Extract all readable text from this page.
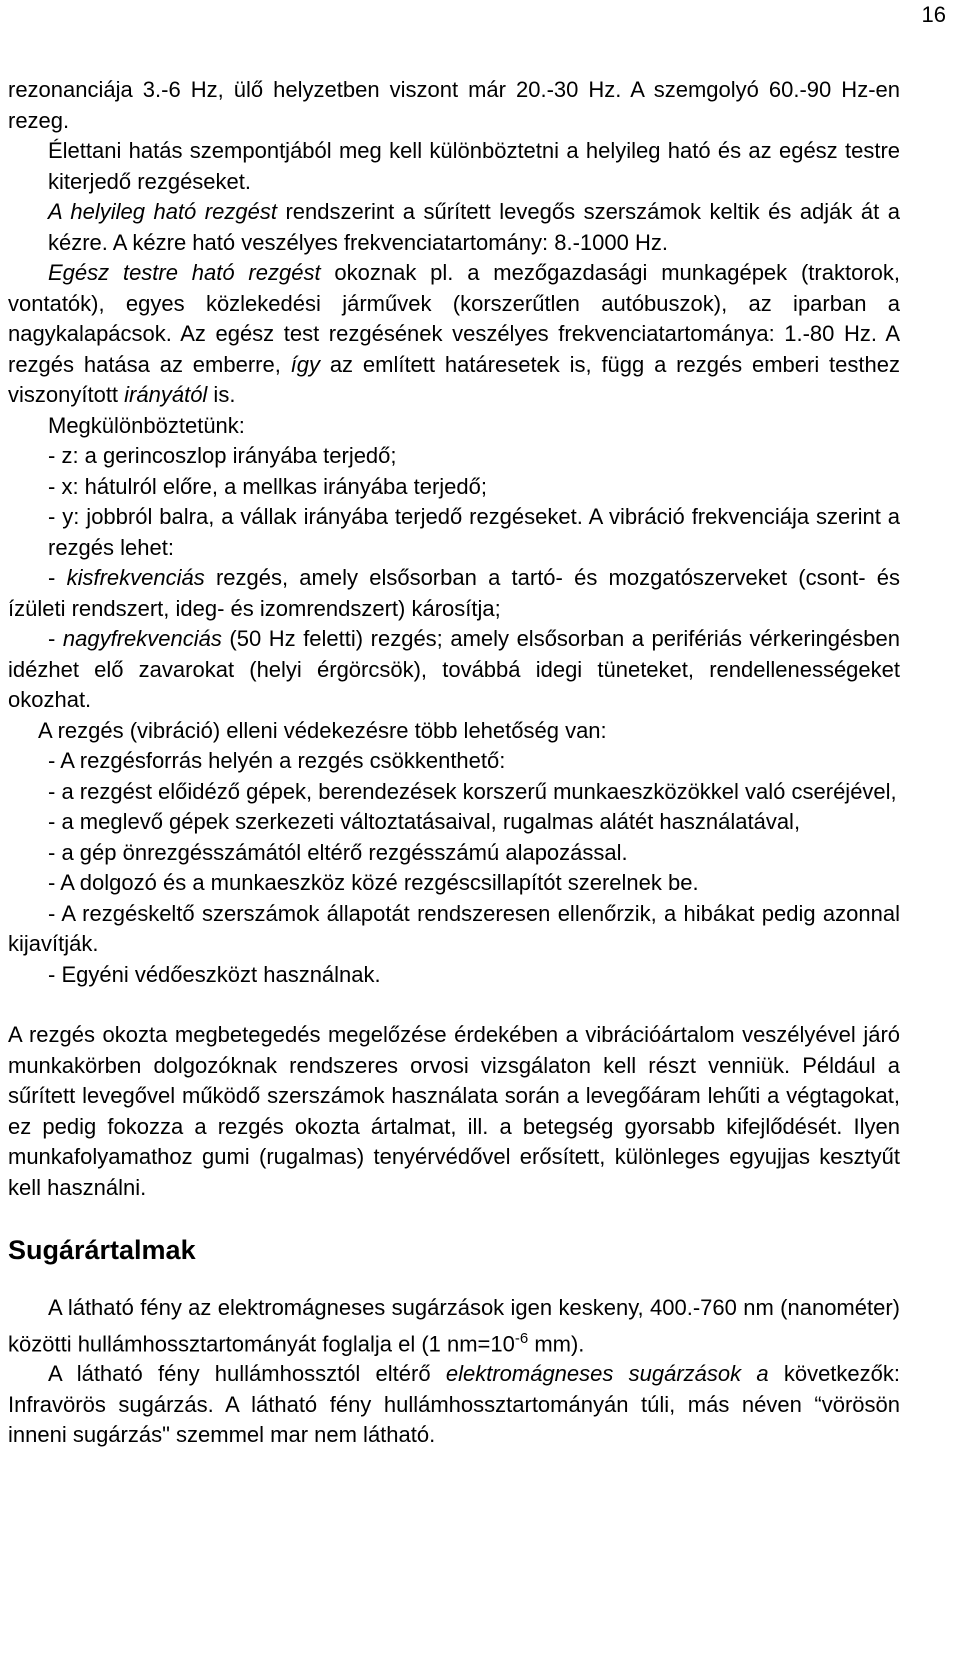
16

rezonanciája 3.-6 Hz, ülő helyzetben viszont már 20.-30 Hz. A szemgolyó 60.-90 Hz-en rezeg.

Élettani hatás szempontjából meg kell különböztetni a helyileg ható és az egész testre kiterjedő rezgéseket.

A helyileg ható rezgést rendszerint a sűrített levegős szerszámok keltik és adják át a kézre. A kézre ható veszélyes frekvenciatartomány: 8.-1000 Hz.

Egész testre ható rezgést okoznak pl. a mezőgazdasági munkagépek (traktorok, vontatók), egyes közlekedési járművek (korszerűtlen autóbuszok), az iparban a nagykalapácsok. Az egész test rezgésének veszélyes frekvenciatartománya: 1.-80 Hz. A rezgés hatása az emberre, így az említett határesetek is, függ a rezgés emberi testhez viszonyított irányától is.

Megkülönböztetünk:

- z: a gerincoszlop irányába terjedő;

- x: hátulról előre, a mellkas irányába terjedő;

- y: jobbról balra, a vállak irányába terjedő rezgéseket. A vibráció frekvenciája szerint a rezgés lehet:

- kisfrekvenciás rezgés, amely elsősorban a tartó- és mozgatószerveket (csont- és ízületi rendszert, ideg- és izomrendszert) károsítja;

- nagyfrekvenciás (50 Hz feletti) rezgés; amely elsősorban a perifériás vérkeringésben idézhet elő zavarokat (helyi érgörcsök), továbbá idegi tüneteket, rendellenességeket okozhat.

A rezgés (vibráció) elleni védekezésre több lehetőség van:

- A rezgésforrás helyén a rezgés csökkenthető:

- a rezgést előidéző gépek, berendezések korszerű munkaeszközökkel való cseréjével,

- a meglevő gépek szerkezeti változtatásaival, rugalmas alátét használatával,

- a gép önrezgésszámától eltérő rezgésszámú alapozással.

- A dolgozó és a munkaeszköz közé rezgéscsillapítót szerelnek be.

- A rezgéskeltő szerszámok állapotát rendszeresen ellenőrzik, a hibákat pedig azonnal kijavítják.

- Egyéni védőeszközt használnak.

A rezgés okozta megbetegedés megelőzése érdekében a vibrációártalom veszélyével járó munkakörben dolgozóknak rendszeres orvosi vizsgálaton kell részt venniük. Például a sűrített levegővel működő szerszámok használata során a levegőáram lehűti a végtagokat, ez pedig fokozza a rezgés okozta ártalmat, ill. a betegség gyorsabb kifejlődését. Ilyen munkafolyamathoz gumi (rugalmas) tenyérvédővel erősített, különleges egyujjas kesztyűt kell használni.

Sugárártalmak

A látható fény az elektromágneses sugárzások igen keskeny, 400.-760 nm (nanométer) közötti hullámhossztartományát foglalja el (1 $nm=10^{-6}$ mm).

A látható fény hullámhossztól eltérő elektromágneses sugárzások a következők: Infravörös sugárzás. A látható fény hullámhossztartományán túli, más néven “vörösön inneni sugárzás" szemmel mar nem látható.
